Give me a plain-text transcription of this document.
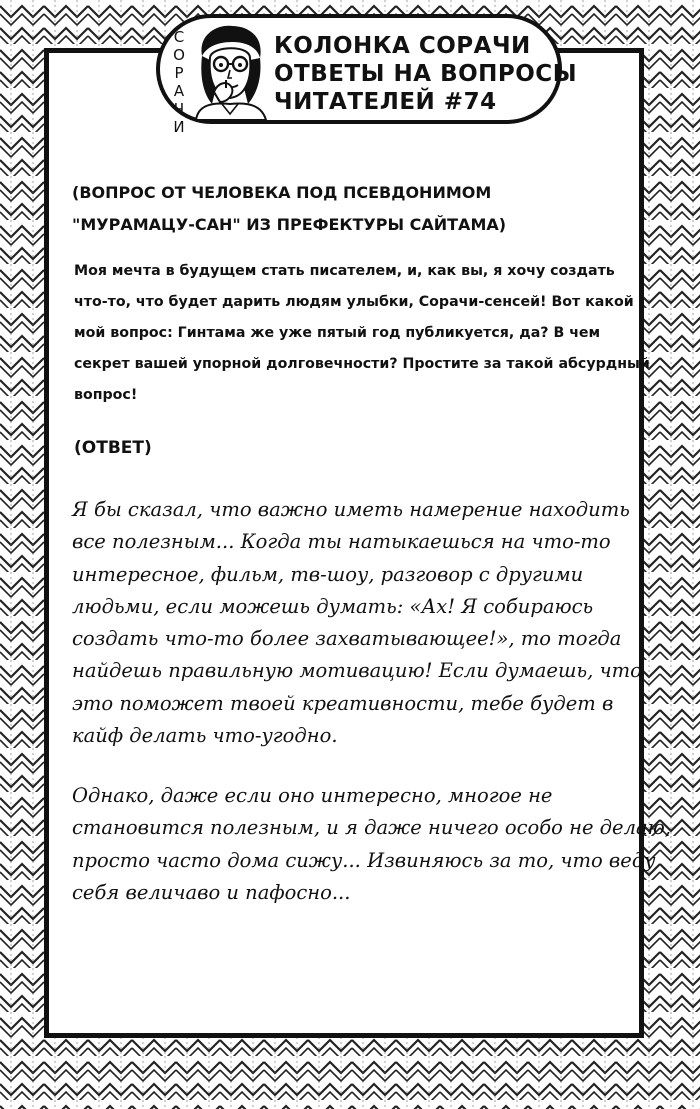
С
О
Р
А
Ч
И
КОЛОНКА СОРАЧИ
ОТВЕТЫ НА ВОПРОСЫ
ЧИТАТЕЛЕЙ #74
(ВОПРОС ОТ ЧЕЛОВЕКА ПОД ПСЕВДОНИМОМ
"МУРАМАЦУ-САН" ИЗ ПРЕФЕКТУРЫ САЙТАМА)
Моя мечта в будущем стать писателем, и, как вы, я хочу создать
что-то, что будет дарить людям улыбки, Сорачи-сенсей! Вот какой
мой вопрос: Гинтама же уже пятый год публикуется, да? В чем
секрет вашей упорной долговечности? Простите за такой абсурдный
вопрос!
(ОТВЕТ)
Я бы сказал, что важно иметь намерение находить
все полезным... Когда ты натыкаешься на что-то
интересное, фильм, тв-шоу, разговор с другими
людьми, если можешь думать: «Ах! Я собираюсь
создать что-то более захватывающее!», то тогда
найдешь правильную мотивацию! Если думаешь, что
это поможет твоей креативности, тебе будет в
кайф делать что-угодно.
Однако, даже если оно интересно, многое не
становится полезным, и я даже ничего особо не делаю,
просто часто дома сижу... Извиняюсь за то, что веду
себя величаво и пафосно...
